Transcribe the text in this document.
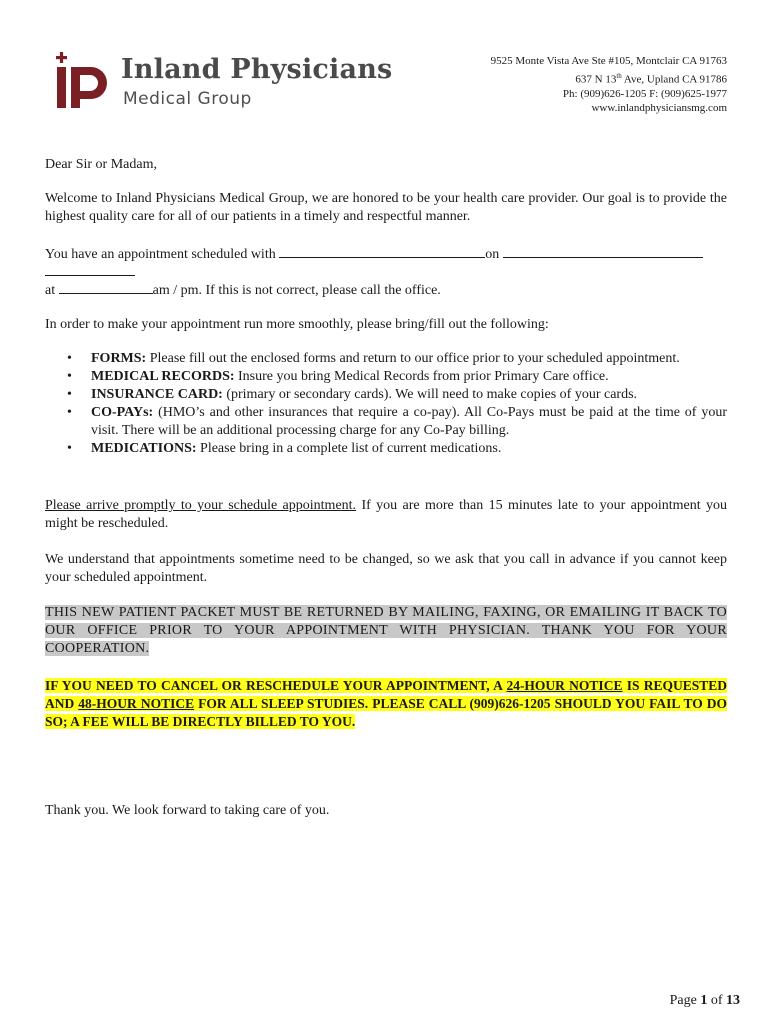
Inland Physicians
Medical Group
9525 Monte Vista Ave Ste #105, Montclair CA 91763
637 N 13th Ave, Upland CA 91786
Ph: (909)626-1205 F: (909)625-1977
www.inlandphysiciansmg.com
Dear Sir or Madam,
Welcome to Inland Physicians Medical Group, we are honored to be your health care provider. Our goal is to provide the highest quality care for all of our patients in a timely and respectful manner.
You have an appointment scheduled with	on
at	am / pm. If this is not correct, please call the office.
In order to make your appointment run more smoothly, please bring/fill out the following:
• FORMS: Please fill out the enclosed forms and return to our office prior to your scheduled appointment.
• MEDICAL RECORDS: Insure you bring Medical Records from prior Primary Care office.
• INSURANCE CARD: (primary or secondary cards). We will need to make copies of your cards.
• CO-PAYs: (HMO’s and other insurances that require a co-pay). All Co-Pays must be paid at the time of your visit. There will be an additional processing charge for any Co-Pay billing.
• MEDICATIONS: Please bring in a complete list of current medications.
Please arrive promptly to your schedule appointment. If you are more than 15 minutes late to your appointment you might be rescheduled.
We understand that appointments sometime need to be changed, so we ask that you call in advance if you cannot keep your scheduled appointment.
THIS NEW PATIENT PACKET MUST BE RETURNED BY MAILING, FAXING, OR EMAILING IT BACK TO OUR OFFICE PRIOR TO YOUR APPOINTMENT WITH PHYSICIAN. THANK YOU FOR YOUR COOPERATION.
IF YOU NEED TO CANCEL OR RESCHEDULE YOUR APPOINTMENT, A 24-HOUR NOTICE IS REQUESTED AND 48-HOUR NOTICE FOR ALL SLEEP STUDIES. PLEASE CALL (909)626-1205 SHOULD YOU FAIL TO DO SO; A FEE WILL BE DIRECTLY BILLED TO YOU.
Thank you. We look forward to taking care of you.
Page 1 of 13
